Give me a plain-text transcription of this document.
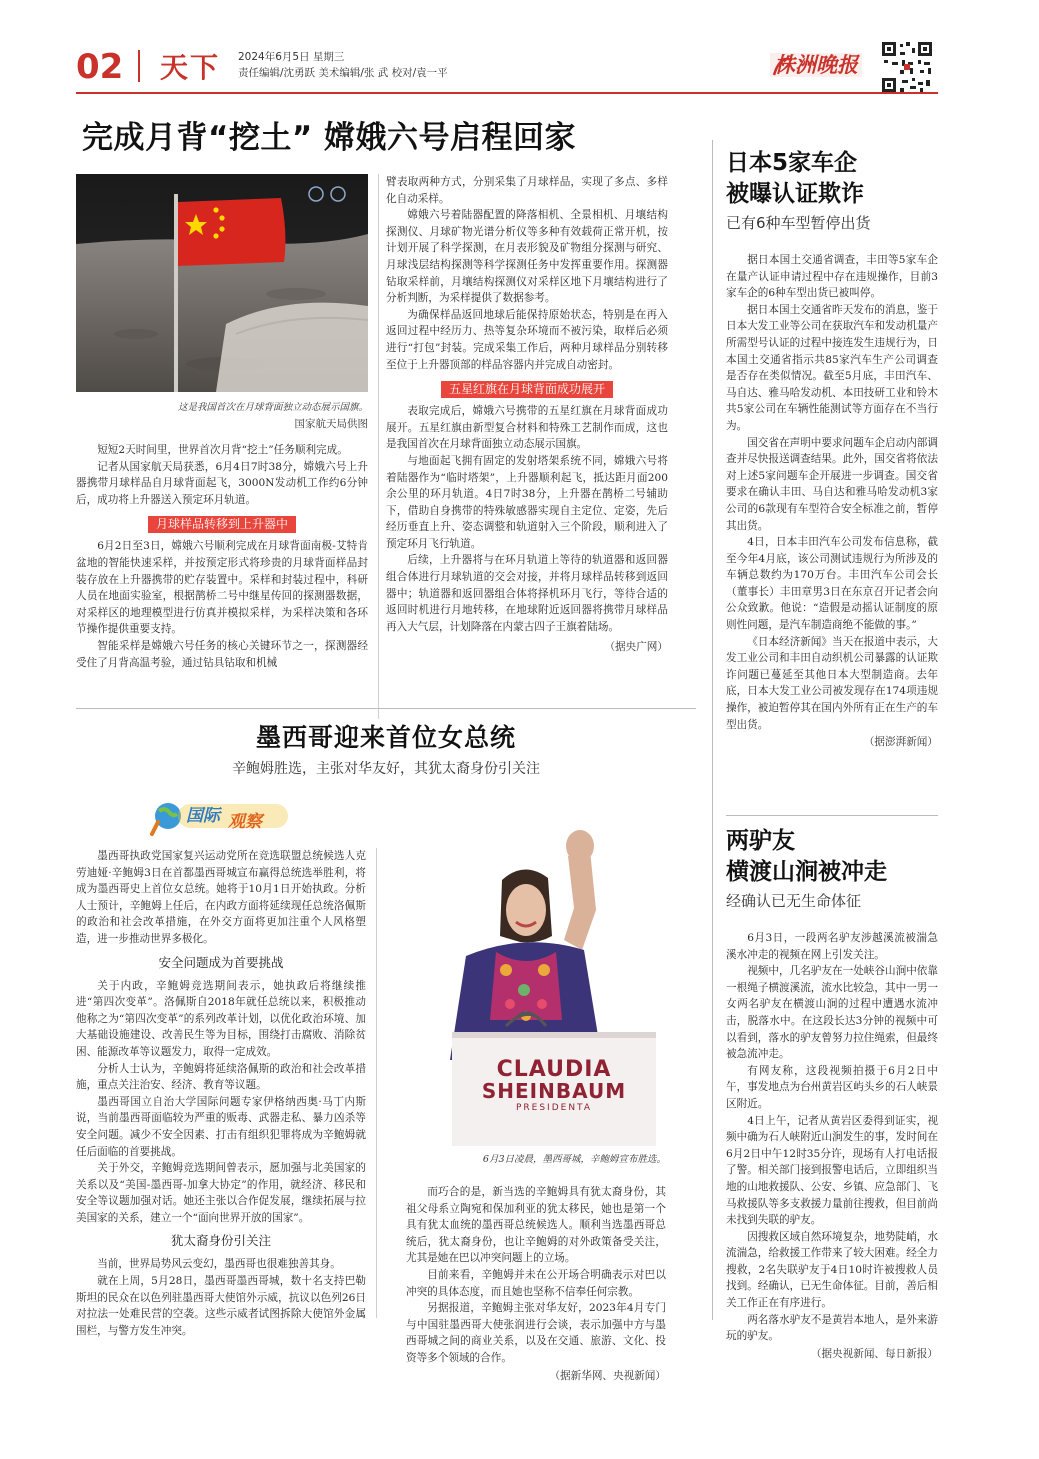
02 天下 2024年6月5日 星期三
责任编辑/沈勇跃 美术编辑/张 武 校对/袁一平	株洲晚报
完成月背“挖土” 嫦娥六号启程回家
这是我国首次在月球背面独立动态展示国旗。
国家航天局供图

短短2天时间里，世界首次月背“挖土”任务顺利完成。

记者从国家航天局获悉，6月4日7时38分，嫦娥六号上升器携带月球样品自月球背面起飞，3000N发动机工作约6分钟后，成功将上升器送入预定环月轨道。

月球样品转移到上升器中

6月2日至3日，嫦娥六号顺利完成在月球背面南极-艾特肯盆地的智能快速采样，并按预定形式将珍贵的月球背面样品封装存放在上升器携带的贮存装置中。采样和封装过程中，科研人员在地面实验室，根据鹊桥二号中继星传回的探测器数据，对采样区的地理模型进行仿真并模拟采样，为采样决策和各环节操作提供重要支持。

智能采样是嫦娥六号任务的核心关键环节之一，探测器经受住了月背高温考验，通过钻具钻取和机械

臂表取两种方式，分别采集了月球样品，实现了多点、多样化自动采样。

嫦娥六号着陆器配置的降落相机、全景相机、月壤结构探测仪、月球矿物光谱分析仪等多种有效载荷正常开机，按计划开展了科学探测，在月表形貌及矿物组分探测与研究、月球浅层结构探测等科学探测任务中发挥重要作用。探测器钻取采样前，月壤结构探测仪对采样区地下月壤结构进行了分析判断，为采样提供了数据参考。

为确保样品返回地球后能保持原始状态，特别是在再入返回过程中经历力、热等复杂环境而不被污染，取样后必须进行“打包”封装。完成采集工作后，两种月球样品分别转移至位于上升器顶部的样品容器内并完成自动密封。

五星红旗在月球背面成功展开

表取完成后，嫦娥六号携带的五星红旗在月球背面成功展开。五星红旗由新型复合材料和特殊工艺制作而成，这也是我国首次在月球背面独立动态展示国旗。

与地面起飞拥有固定的发射塔架系统不同，嫦娥六号将着陆器作为“临时塔架”，上升器顺利起飞，抵达距月面200余公里的环月轨道。4日7时38分，上升器在鹊桥二号辅助下，借助自身携带的特殊敏感器实现自主定位、定姿，先后经历垂直上升、姿态调整和轨道射入三个阶段，顺利进入了预定环月飞行轨道。

后续，上升器将与在环月轨道上等待的轨道器和返回器组合体进行月球轨道的交会对接，并将月球样品转移到返回器中；轨道器和返回器组合体将择机环月飞行，等待合适的返回时机进行月地转移，在地球附近返回器将携带月球样品再入大气层，计划降落在内蒙古四子王旗着陆场。

（据央广网）
日本5家车企
被曝认证欺诈
已有6种车型暂停出货

据日本国土交通省调查，丰田等5家车企在量产认证申请过程中存在违规操作，目前3家车企的6种车型出货已被叫停。

据日本国土交通省昨天发布的消息，鉴于日本大发工业等公司在获取汽车和发动机量产所需型号认证的过程中接连发生违规行为，日本国土交通省指示共85家汽车生产公司调查是否存在类似情况。截至5月底，丰田汽车、马自达、雅马哈发动机、本田技研工业和铃木共5家公司在车辆性能测试等方面存在不当行为。

国交省在声明中要求问题车企启动内部调查并尽快报送调查结果。此外，国交省将依法对上述5家问题车企开展进一步调查。国交省要求在确认丰田、马自达和雅马哈发动机3家公司的6款现有车型符合安全标准之前，暂停其出货。

4日，日本丰田汽车公司发布信息称，截至今年4月底，该公司测试违规行为所涉及的车辆总数约为170万台。丰田汽车公司会长（董事长）丰田章男3日在东京召开记者会向公众致歉。他说：“造假是动摇认证制度的原则性问题，是汽车制造商绝不能做的事。”

《日本经济新闻》当天在报道中表示，大发工业公司和丰田自动织机公司暴露的认证欺诈问题已蔓延至其他日本大型制造商。去年底，日本大发工业公司被发现存在174项违规操作，被迫暂停其在国内外所有正在生产的车型出货。

（据澎湃新闻）
两驴友
横渡山涧被冲走
经确认已无生命体征

6月3日，一段两名驴友涉越溪流被湍急溪水冲走的视频在网上引发关注。

视频中，几名驴友在一处峡谷山涧中依靠一根绳子横渡溪流，流水比较急，其中一男一女两名驴友在横渡山涧的过程中遭遇水流冲击，脱落水中。在这段长达3分钟的视频中可以看到，落水的驴友曾努力拉住绳索，但最终被急流冲走。

有网友称，这段视频拍摄于6月2日中午，事发地点为台州黄岩区屿头乡的石人峡景区附近。

4日上午，记者从黄岩区委得到证实，视频中确为石人峡附近山涧发生的事，发时间在6月2日中午12时35分许，现场有人打电话报了警。相关部门接到报警电话后，立即组织当地的山地救援队、公安、乡镇、应急部门、飞马救援队等多支救援力量前往搜救，但目前尚未找到失联的驴友。

因搜救区域自然环境复杂，地势陡峭，水流湍急，给救援工作带来了较大困难。经全力搜救，2名失联驴友于4日10时许被搜救人员找到。经确认，已无生命体征。目前，善后相关工作正在有序进行。

两名落水驴友不是黄岩本地人，是外来游玩的驴友。

（据央视新闻、每日新报）
墨西哥迎来首位女总统
辛鲍姆胜选，主张对华友好，其犹太裔身份引关注
国际 观察

墨西哥执政党国家复兴运动党所在竞选联盟总统候选人克劳迪娅·辛鲍姆3日在首都墨西哥城宣布赢得总统选举胜利，将成为墨西哥史上首位女总统。她将于10月1日开始执政。分析人士预计，辛鲍姆上任后，在内政方面将延续现任总统洛佩斯的政治和社会改革措施，在外交方面将更加注重个人风格塑造，进一步推动世界多极化。

安全问题成为首要挑战

关于内政，辛鲍姆竞选期间表示，她执政后将继续推进“第四次变革”。洛佩斯自2018年就任总统以来，积极推动他称之为“第四次变革”的系列改革计划，以优化政治环境、加大基础设施建设、改善民生等为目标，围绕打击腐败、消除贫困、能源改革等议题发力，取得一定成效。

分析人士认为，辛鲍姆将延续洛佩斯的政治和社会改革措施，重点关注治安、经济、教育等议题。

墨西哥国立自治大学国际问题专家伊格纳西奥·马丁内斯说，当前墨西哥面临较为严重的贩毒、武器走私、暴力凶杀等安全问题。减少不安全因素、打击有组织犯罪将成为辛鲍姆就任后面临的首要挑战。

关于外交，辛鲍姆竞选期间曾表示，愿加强与北美国家的关系以及“美国-墨西哥-加拿大协定”的作用，就经济、移民和安全等议题加强对话。她还主张以合作促发展，继续拓展与拉美国家的关系，建立一个“面向世界开放的国家”。

犹太裔身份引关注

当前，世界局势风云变幻，墨西哥也很难独善其身。

就在上周，5月28日，墨西哥墨西哥城，数十名支持巴勒斯坦的民众在以色列驻墨西哥大使馆外示威，抗议以色列26日对拉法一处难民营的空袭。这些示威者试图拆除大使馆外金属围栏，与警方发生冲突。

CLAUDIA
SHEINBAUM
PRESIDENTA
6月3日凌晨，墨西哥城，辛鲍姆宣布胜选。

而巧合的是，新当选的辛鲍姆具有犹太裔身份，其祖父母系立陶宛和保加利亚的犹太移民，她也是第一个具有犹太血统的墨西哥总统候选人。顺利当选墨西哥总统后，犹太裔身份，也让辛鲍姆的对外政策备受关注，尤其是她在巴以冲突问题上的立场。

目前来看，辛鲍姆并未在公开场合明确表示对巴以冲突的具体态度，而且她也坚称不信奉任何宗教。

另据报道，辛鲍姆主张对华友好，2023年4月专门与中国驻墨西哥大使张润进行会谈，表示加强中方与墨西哥城之间的商业关系，以及在交通、旅游、文化、投资等多个领域的合作。

（据新华网、央视新闻）
